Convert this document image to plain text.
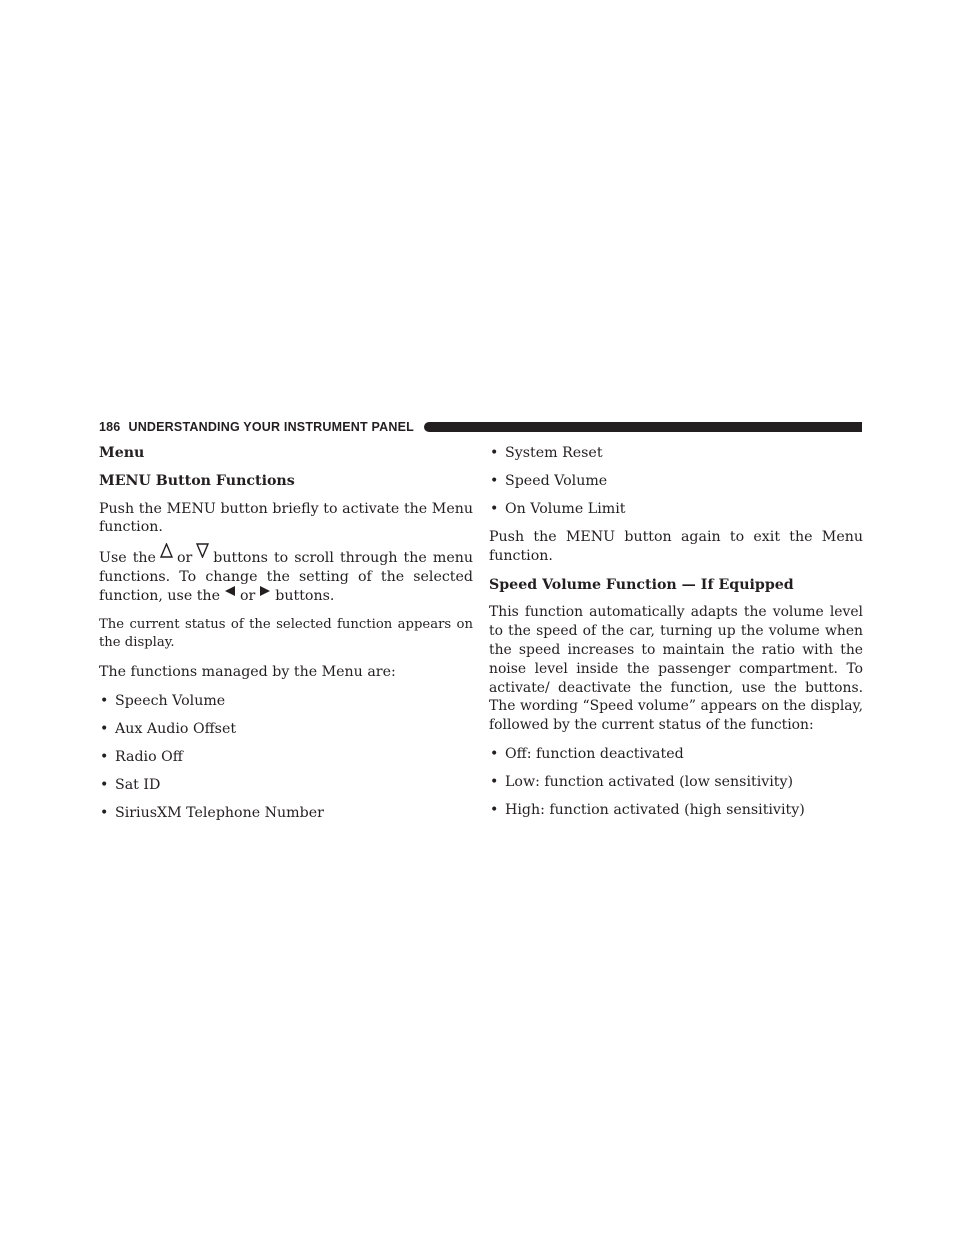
186 UNDERSTANDING YOUR INSTRUMENT PANEL
Menu
MENU Button Functions

Push the MENU button briefly to activate the Menu function.

Use the or buttons to scroll through the menu functions. To change the setting of the selected function, use the or buttons.

The current status of the selected function appears on the display.

The functions managed by the Menu are:

• Speech Volume
• Aux Audio Offset
• Radio Off
• Sat ID
• SiriusXM Telephone Number
• System Reset
• Speed Volume
• On Volume Limit

Push the MENU button again to exit the Menu function.

Speed Volume Function — If Equipped

This function automatically adapts the volume level to the speed of the car, turning up the volume when the speed increases to maintain the ratio with the noise level inside the passenger compartment. To activate/ deactivate the function, use the buttons. The wording “Speed volume” appears on the display, followed by the current status of the function:

• Off: function deactivated
• Low: function activated (low sensitivity)
• High: function activated (high sensitivity)
